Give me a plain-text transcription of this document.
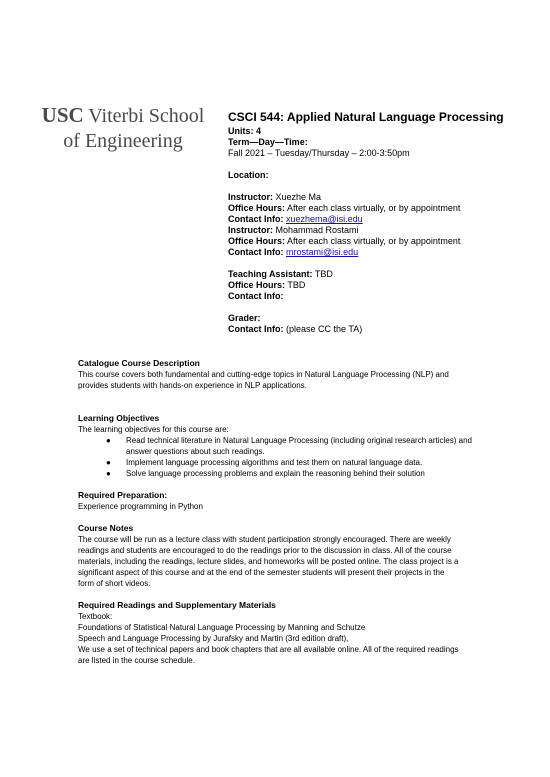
USC Viterbi School
of Engineering
CSCI 544: Applied Natural Language Processing
Units: 4
Term—Day—Time:
Fall 2021 – Tuesday/Thursday – 2:00-3:50pm
Location:
Instructor: Xuezhe Ma
Office Hours: After each class virtually, or by appointment
Contact Info: xuezhema@isi.edu
Instructor: Mohammad Rostami
Office Hours: After each class virtually, or by appointment
Contact Info: mrostami@isi.edu
Teaching Assistant: TBD
Office Hours: TBD
Contact Info:
Grader:
Contact Info: (please CC the TA)
Catalogue Course Description
This course covers both fundamental and cutting-edge topics in Natural Language Processing (NLP) and
provides students with hands-on experience in NLP applications.
Learning Objectives
The learning objectives for this course are:
● Read technical literature in Natural Language Processing (including original research articles) and
answer questions about such readings.
● Implement language processing algorithms and test them on natural language data.
● Solve language processing problems and explain the reasoning behind their solution
Required Preparation:
Experience programming in Python
Course Notes
The course will be run as a lecture class with student participation strongly encouraged. There are weekly
readings and students are encouraged to do the readings prior to the discussion in class. All of the course
materials, including the readings, lecture slides, and homeworks will be posted online. The class project is a
significant aspect of this course and at the end of the semester students will present their projects in the
form of short videos.
Required Readings and Supplementary Materials
Textbook:
Foundations of Statistical Natural Language Processing by Manning and Schutze
Speech and Language Processing by Jurafsky and Martin (3rd edition draft),
We use a set of technical papers and book chapters that are all available online. All of the required readings
are listed in the course schedule.
